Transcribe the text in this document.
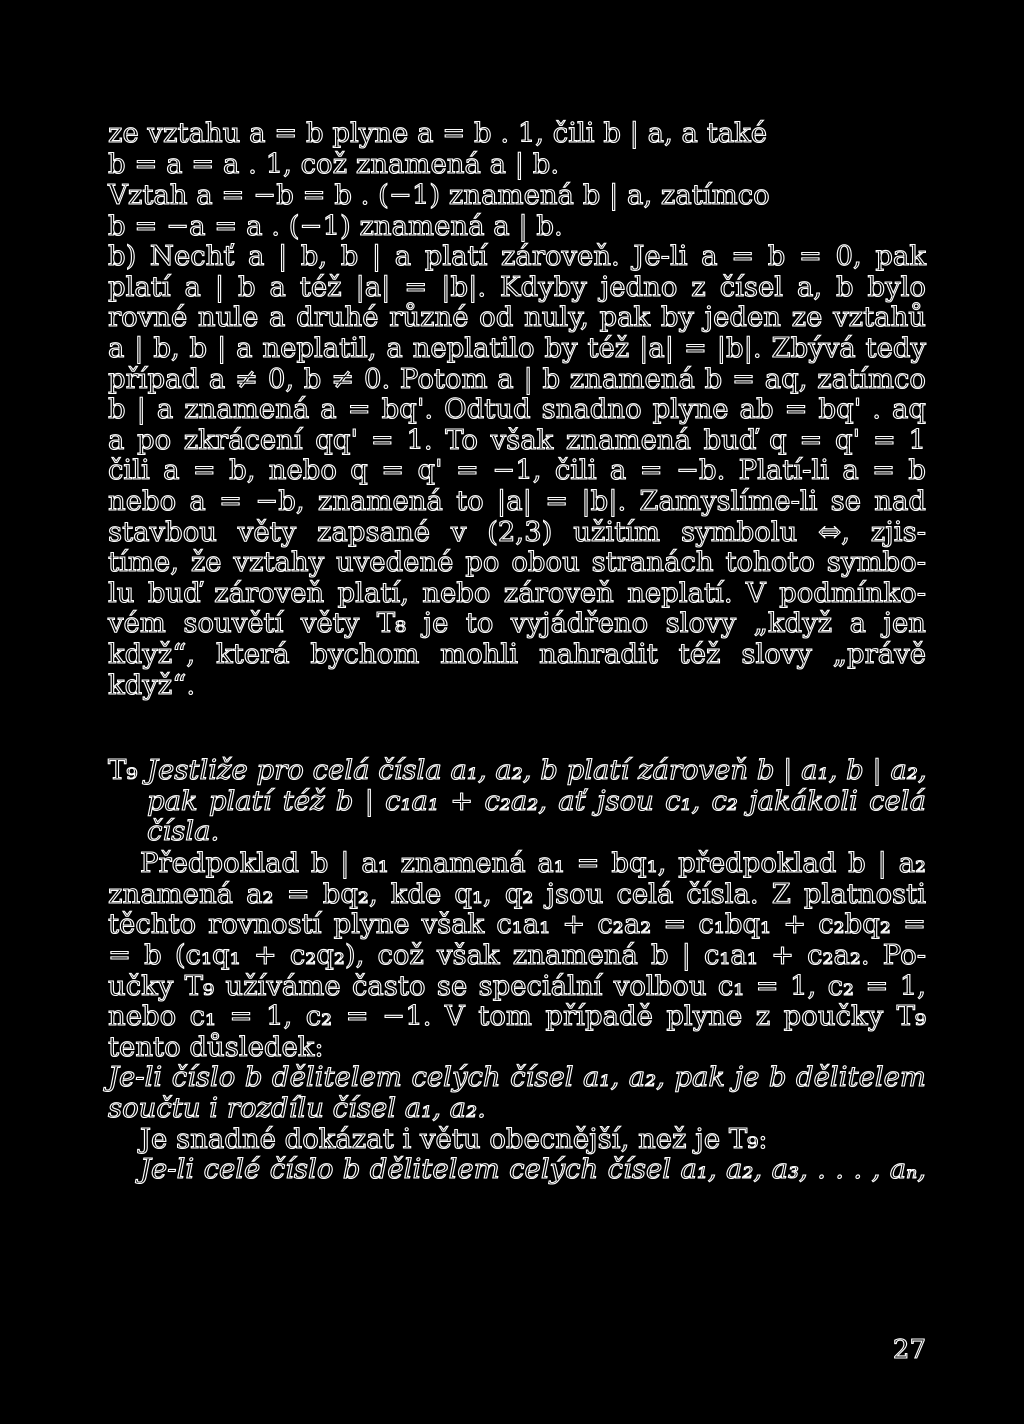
ze vztahu a = b plyne a = b . 1, čili b | a, a také
b = a = a . 1, což znamená a | b.
Vztah a = −b = b . (−1) znamená b | a, zatímco
b = −a = a . (−1) znamená a | b.
b) Nechť a | b, b | a platí zároveň. Je-li a = b = 0, pak
platí a | b a též |a| = |b|. Kdyby jedno z čísel a, b bylo
rovné nule a druhé různé od nuly, pak by jeden ze vztahů
a | b, b | a neplatil, a neplatilo by též |a| = |b|. Zbývá tedy
případ a ≠ 0, b ≠ 0. Potom a | b znamená b = aq, zatímco
b | a znamená a = bq'. Odtud snadno plyne ab = bq' . aq
a po zkrácení qq' = 1. To však znamená buď q = q' = 1
čili a = b, nebo q = q' = −1, čili a = −b. Platí-li a = b
nebo a = −b, znamená to |a| = |b|. Zamyslíme-li se nad
stavbou věty zapsané v (2,3) užitím symbolu ⇔, zjis-
tíme, že vztahy uvedené po obou stranách tohoto symbo-
lu buď zároveň platí, nebo zároveň neplatí. V podmínko-
vém souvětí věty T₈ je to vyjádřeno slovy „když a jen
když“, která bychom mohli nahradit též slovy „právě
když“.
T₉ Jestliže pro celá čísla a₁, a₂, b platí zároveň b | a₁, b | a₂,
pak platí též b | c₁a₁ + c₂a₂, ať jsou c₁, c₂ jakákoli celá
čísla.
Předpoklad b | a₁ znamená a₁ = bq₁, předpoklad b | a₂
znamená a₂ = bq₂, kde q₁, q₂ jsou celá čísla. Z platnosti
těchto rovností plyne však c₁a₁ + c₂a₂ = c₁bq₁ + c₂bq₂ =
= b (c₁q₁ + c₂q₂), což však znamená b | c₁a₁ + c₂a₂. Po-
učky T₉ užíváme často se speciální volbou c₁ = 1, c₂ = 1,
nebo c₁ = 1, c₂ = −1. V tom případě plyne z poučky T₉
tento důsledek:
Je-li číslo b dělitelem celých čísel a₁, a₂, pak je b dělitelem
součtu i rozdílu čísel a₁, a₂.
Je snadné dokázat i větu obecnější, než je T₉:
Je-li celé číslo b dělitelem celých čísel a₁, a₂, a₃, . . . , aₙ,
27
